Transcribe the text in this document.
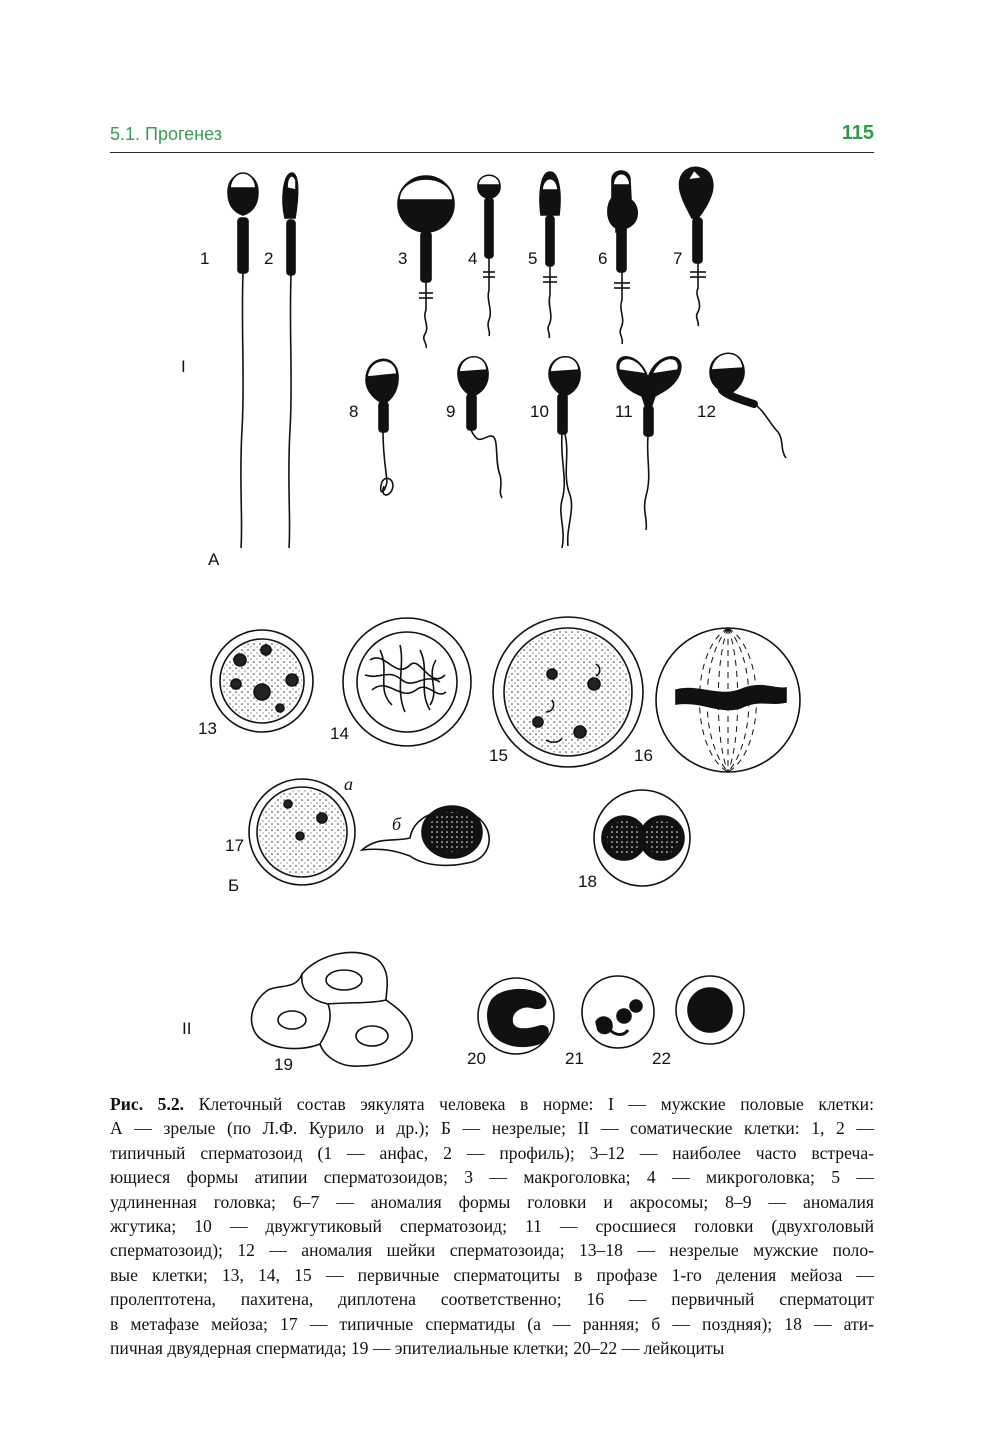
5.1. Прогенез	115
1	2	3	4	5	6	7
I
8	9	10	11	12
А
13	14
15	16
а
б
17
18
Б
II
19	20	21	22
Рис. 5.2. Клеточный состав эякулята человека в норме: I — мужские половые клетки:
А — зрелые (по Л.Ф. Курило и др.); Б — незрелые; II — соматические клетки: 1, 2 —
типичный сперматозоид (1 — анфас, 2 — профиль); 3–12 — наиболее часто встреча-
ющиеся формы атипии сперматозоидов; 3 — макроголовка; 4 — микроголовка; 5 —
удлиненная головка; 6–7 — аномалия формы головки и акросомы; 8–9 — аномалия
жгутика; 10 — двужгутиковый сперматозоид; 11 — сросшиеся головки (двухголовый
сперматозоид); 12 — аномалия шейки сперматозоида; 13–18 — незрелые мужские поло-
вые клетки; 13, 14, 15 — первичные сперматоциты в профазе 1-го деления мейоза —
пролептотена, пахитена, диплотена соответственно; 16 — первичный сперматоцит
в метафазе мейоза; 17 — типичные сперматиды (а — ранняя; б — поздняя); 18 — ати-
пичная двуядерная сперматида; 19 — эпителиальные клетки; 20–22 — лейкоциты
